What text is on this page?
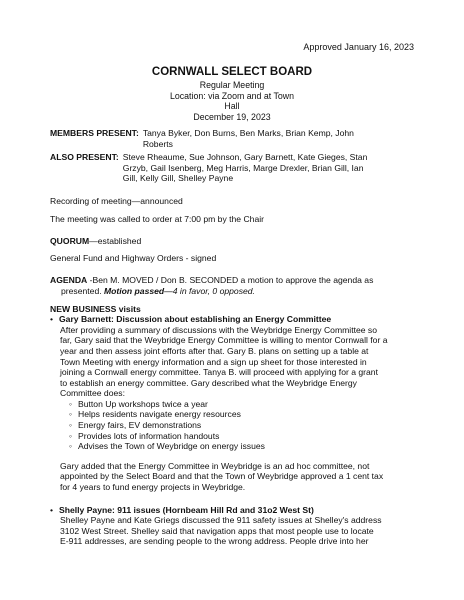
Approved January 16, 2023
CORNWALL SELECT BOARD
Regular Meeting
Location: via Zoom and at Town
Hall
December 19, 2023
MEMBERS PRESENT: Tanya Byker, Don Burns, Ben Marks, Brian Kemp, John
Roberts
ALSO PRESENT: Steve Rheaume, Sue Johnson, Gary Barnett, Kate Gieges, Stan
Grzyb, Gail Isenberg, Meg Harris, Marge Drexler, Brian Gill, Ian
Gill, Kelly Gill, Shelley Payne
Recording of meeting—announced
The meeting was called to order at 7:00 pm by the Chair
QUORUM—established
General Fund and Highway Orders - signed
AGENDA -Ben M. MOVED / Don B. SECONDED a motion to approve the agenda as
presented. Motion passed—4 in favor, 0 opposed.
NEW BUSINESS visits
• Gary Barnett: Discussion about establishing an Energy Committee
After providing a summary of discussions with the Weybridge Energy Committee so
far, Gary said that the Weybridge Energy Committee is willing to mentor Cornwall for a
year and then assess joint efforts after that. Gary B. plans on setting up a table at
Town Meeting with energy information and a sign up sheet for those interested in
joining a Cornwall energy committee. Tanya B. will proceed with applying for a grant
to establish an energy committee. Gary described what the Weybridge Energy
Committee does:
◦ Button Up workshops twice a year
◦ Helps residents navigate energy resources
◦ Energy fairs, EV demonstrations
◦ Provides lots of information handouts
◦ Advises the Town of Weybridge on energy issues
Gary added that the Energy Committee in Weybridge is an ad hoc committee, not
appointed by the Select Board and that the Town of Weybridge approved a 1 cent tax
for 4 years to fund energy projects in Weybridge.
• Shelly Payne: 911 issues (Hornbeam Hill Rd and 31o2 West St)
Shelley Payne and Kate Griegs discussed the 911 safety issues at Shelley's address
3102 West Street. Shelley said that navigation apps that most people use to locate
E-911 addresses, are sending people to the wrong address. People drive into her
